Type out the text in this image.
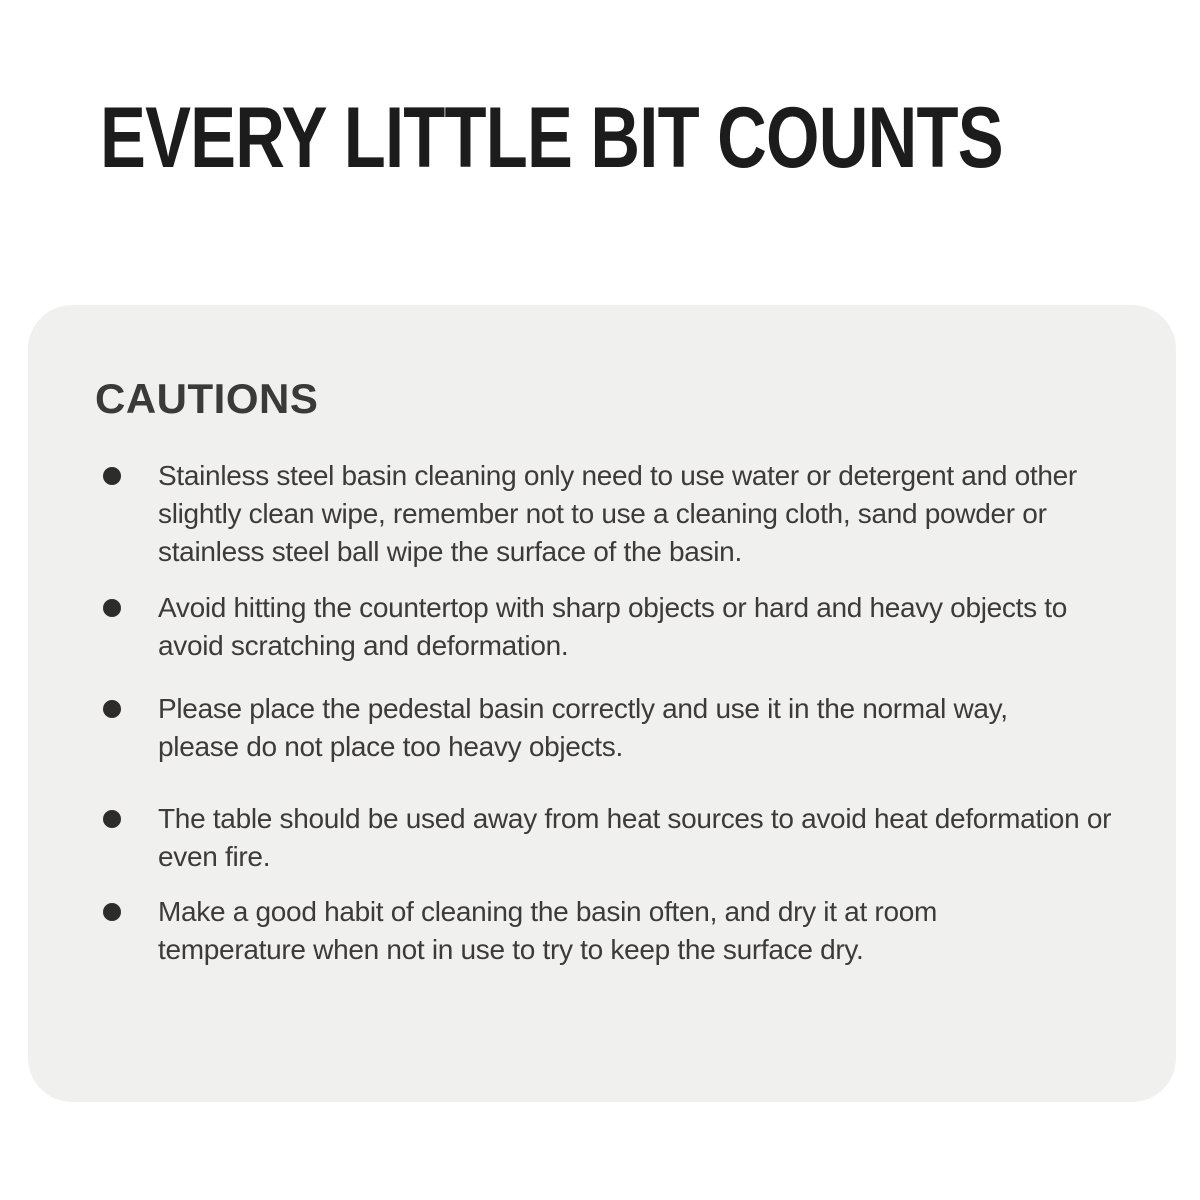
EVERY LITTLE BIT COUNTS
CAUTIONS
Stainless steel basin cleaning only need to use water or detergent and other
slightly clean wipe, remember not to use a cleaning cloth, sand powder or
stainless steel ball wipe the surface of the basin.
Avoid hitting the countertop with sharp objects or hard and heavy objects to
avoid scratching and deformation.
Please place the pedestal basin correctly and use it in the normal way,
please do not place too heavy objects.
The table should be used away from heat sources to avoid heat deformation or
even fire.
Make a good habit of cleaning the basin often, and dry it at room
temperature when not in use to try to keep the surface dry.
